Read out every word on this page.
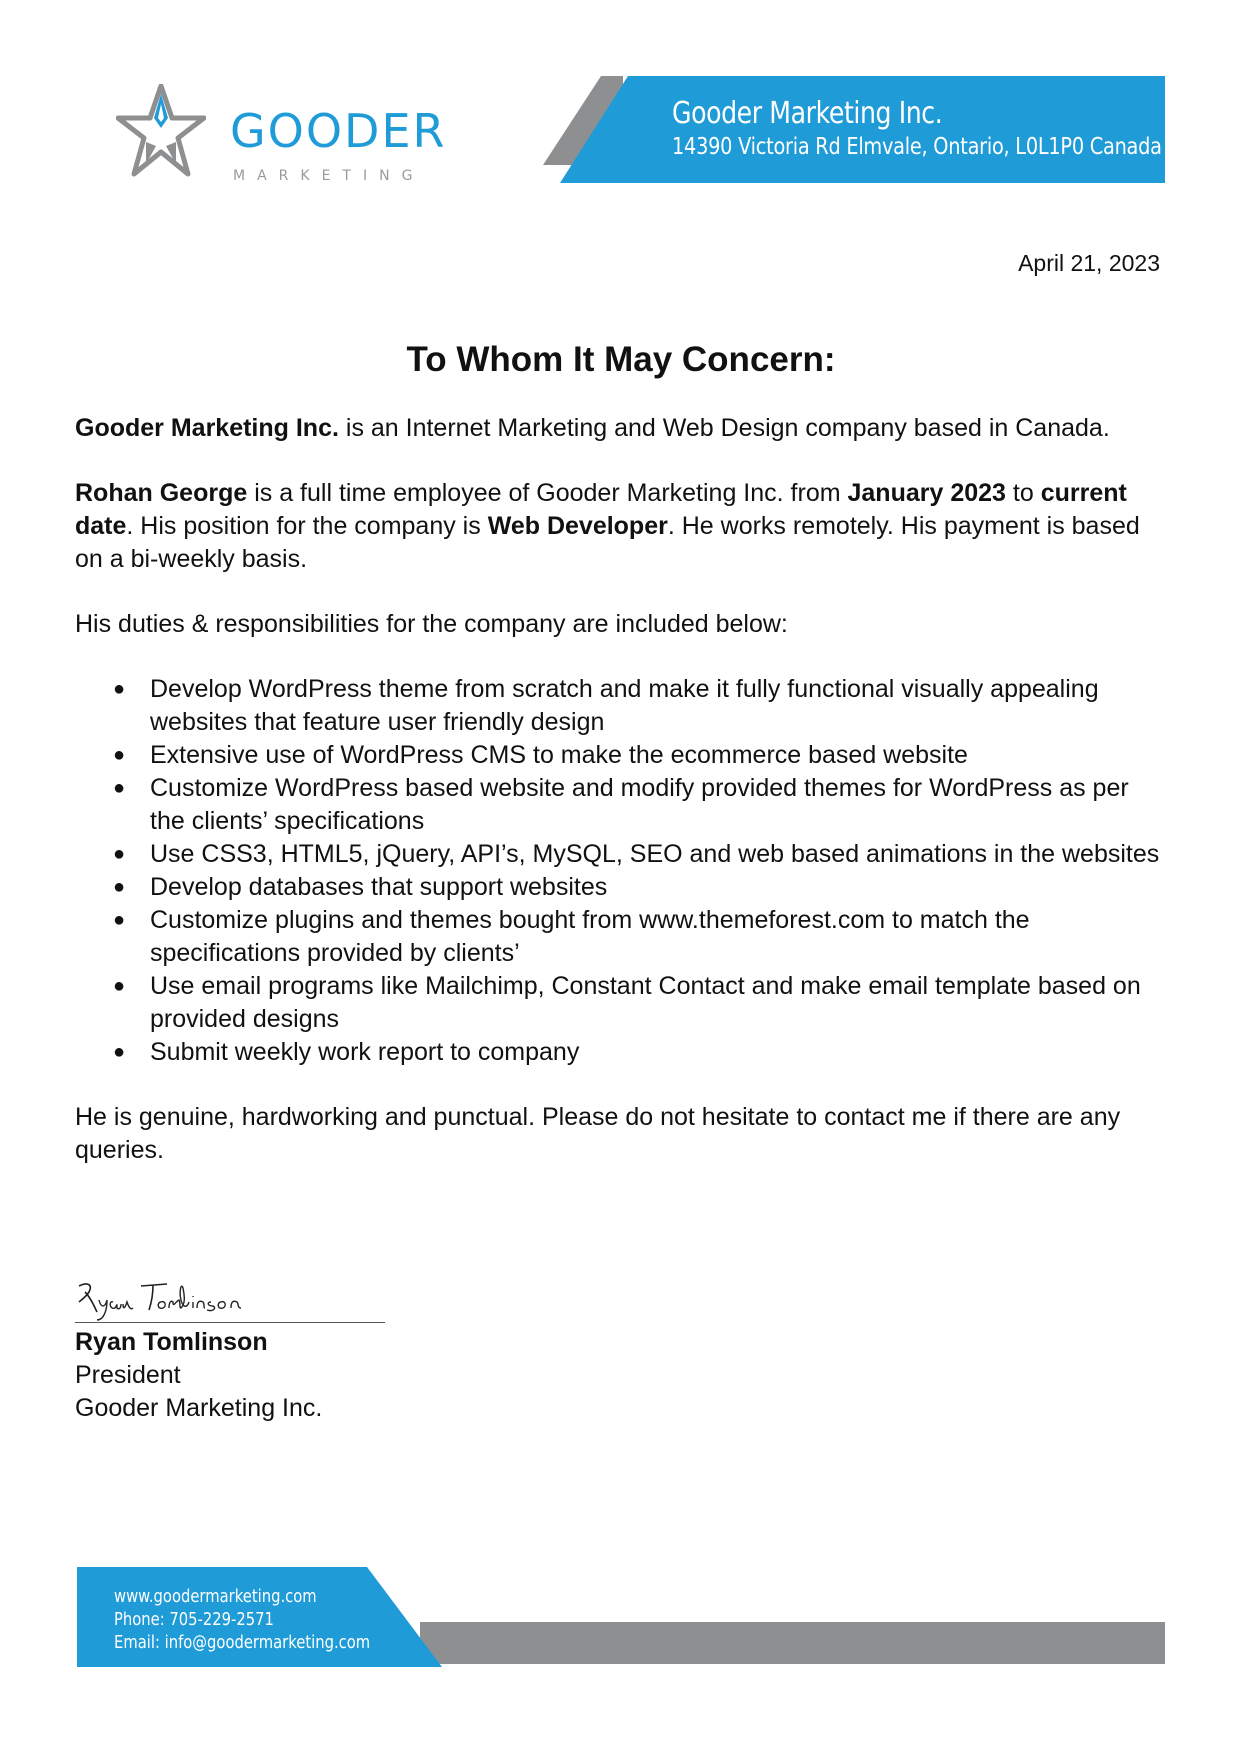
GOODER
MARKETING
Gooder Marketing Inc.
14390 Victoria Rd Elmvale, Ontario, L0L1P0 Canada
April 21, 2023
To Whom It May Concern:

Gooder Marketing Inc. is an Internet Marketing and Web Design company based in Canada.

Rohan George is a full time employee of Gooder Marketing Inc. from January 2023 to current date. His position for the company is Web Developer. He works remotely. His payment is based on a bi-weekly basis.

His duties & responsibilities for the company are included below:

● Develop WordPress theme from scratch and make it fully functional visually appealing websites that feature user friendly design
● Extensive use of WordPress CMS to make the ecommerce based website
● Customize WordPress based website and modify provided themes for WordPress as per the clients’ specifications
● Use CSS3, HTML5, jQuery, API’s, MySQL, SEO and web based animations in the websites
● Develop databases that support websites
● Customize plugins and themes bought from www.themeforest.com to match the specifications provided by clients’
● Use email programs like Mailchimp, Constant Contact and make email template based on provided designs
● Submit weekly work report to company

He is genuine, hardworking and punctual. Please do not hesitate to contact me if there are any queries.

Ryan Tomlinson
President
Gooder Marketing Inc.
www.goodermarketing.com
Phone: 705-229-2571
Email: info@goodermarketing.com
